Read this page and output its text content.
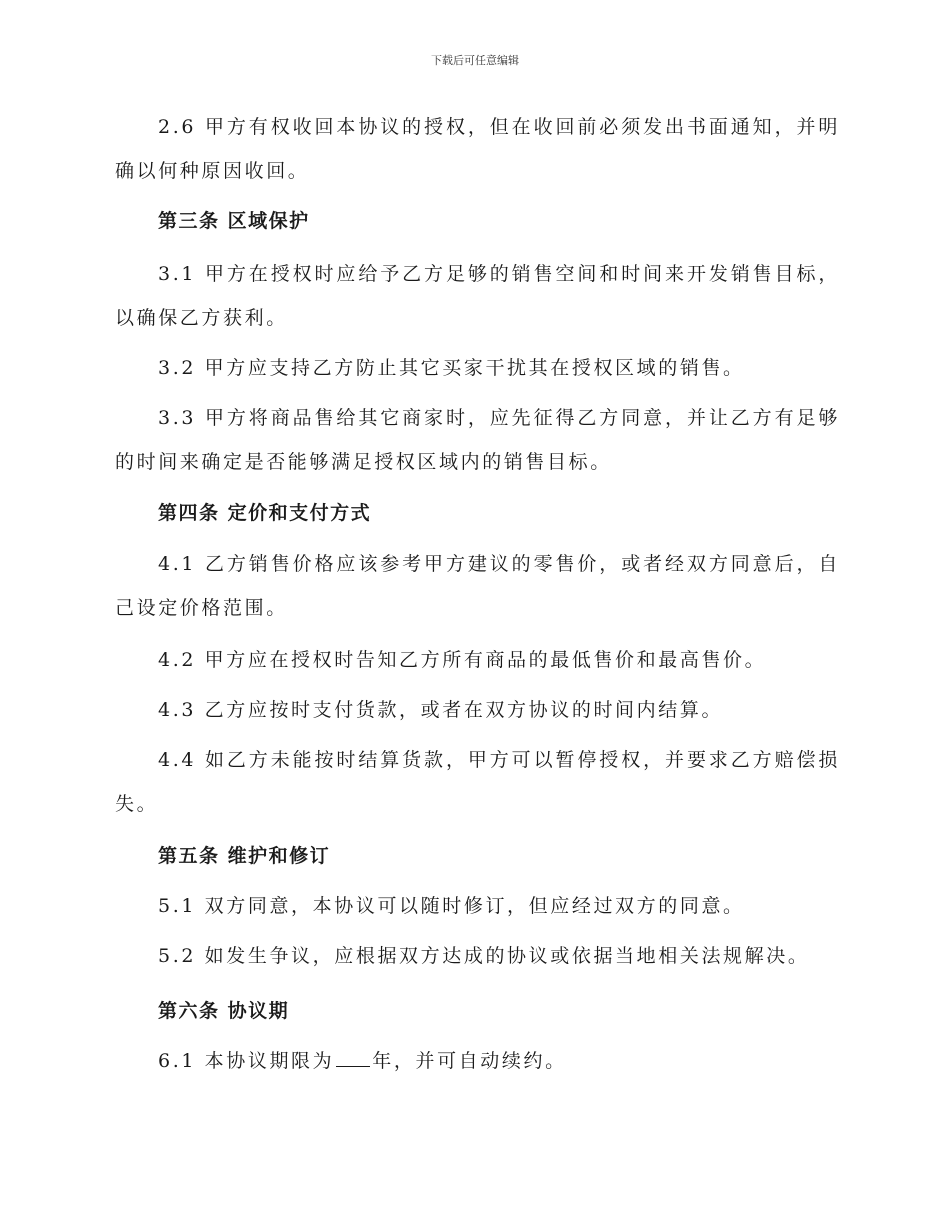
下载后可任意编辑

2.6 甲方有权收回本协议的授权，但在收回前必须发出书面通知，并明确以何种原因收回。

第三条 区域保护

3.1 甲方在授权时应给予乙方足够的销售空间和时间来开发销售目标，以确保乙方获利。

3.2 甲方应支持乙方防止其它买家干扰其在授权区域的销售。

3.3 甲方将商品售给其它商家时，应先征得乙方同意，并让乙方有足够的时间来确定是否能够满足授权区域内的销售目标。

第四条 定价和支付方式

4.1 乙方销售价格应该参考甲方建议的零售价，或者经双方同意后，自己设定价格范围。

4.2 甲方应在授权时告知乙方所有商品的最低售价和最高售价。

4.3 乙方应按时支付货款，或者在双方协议的时间内结算。

4.4 如乙方未能按时结算货款，甲方可以暂停授权，并要求乙方赔偿损失。

第五条 维护和修订

5.1 双方同意，本协议可以随时修订，但应经过双方的同意。

5.2 如发生争议，应根据双方达成的协议或依据当地相关法规解决。

第六条 协议期

6.1 本协议期限为 年，并可自动续约。
